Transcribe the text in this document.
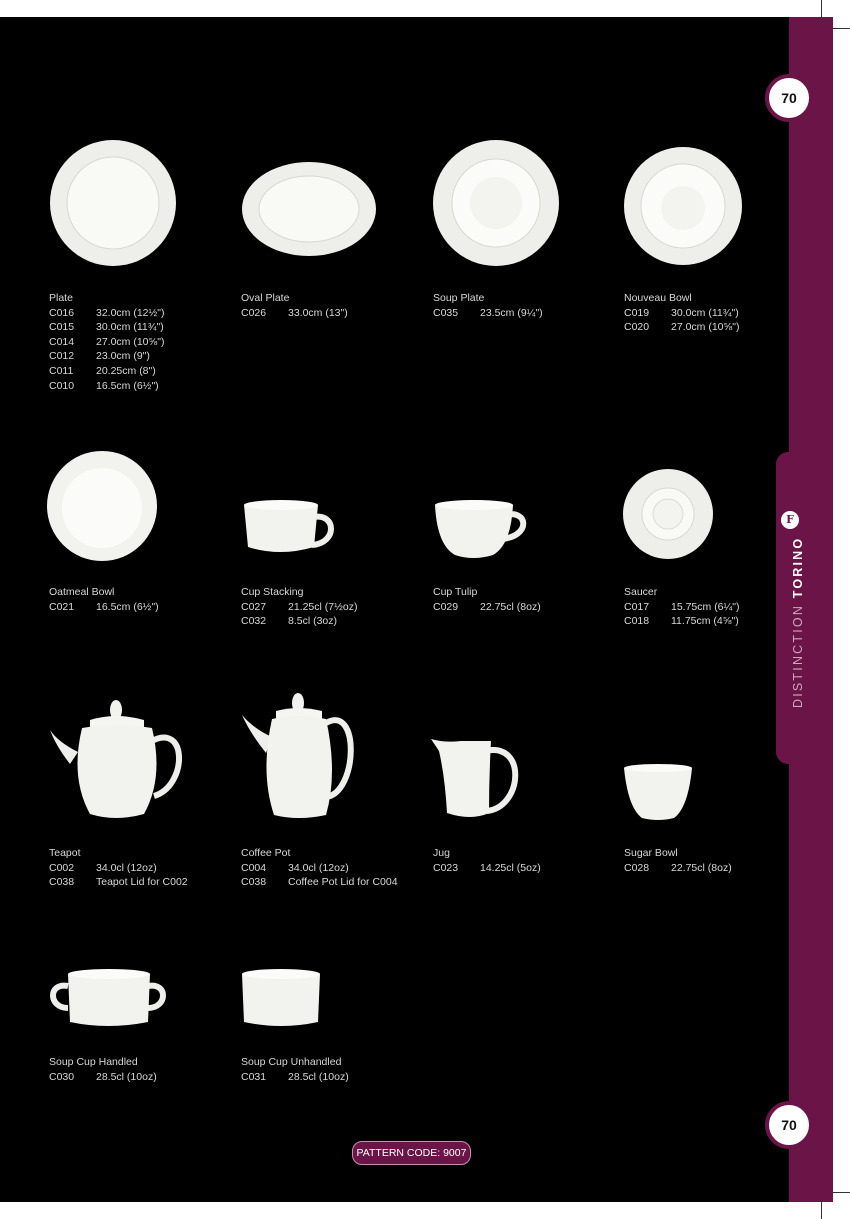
70
70
DISTINCTION TORINO
F
PATTERN CODE: 9007
Plate
C016 32.0cm (12½")
C015 30.0cm (11¾")
C014 27.0cm (10⅝")
C012 23.0cm (9")
C011 20.25cm (8")
C010 16.5cm (6½")
Oval Plate
C026 33.0cm (13")
Soup Plate
C035 23.5cm (9¼")
Nouveau Bowl
C019 30.0cm (11¾")
C020 27.0cm (10⅝")
Oatmeal Bowl
C021 16.5cm (6½")
Cup Stacking
C027 21.25cl (7½oz)
C032 8.5cl (3oz)
Cup Tulip
C029 22.75cl (8oz)
Saucer
C017 15.75cm (6¼")
C018 11.75cm (4⅝")
Teapot
C002 34.0cl (12oz)
C038 Teapot Lid for C002
Coffee Pot
C004 34.0cl (12oz)
C038 Coffee Pot Lid for C004
Jug
C023 14.25cl (5oz)
Sugar Bowl
C028 22.75cl (8oz)
Soup Cup Handled
C030 28.5cl (10oz)
Soup Cup Unhandled
C031 28.5cl (10oz)
